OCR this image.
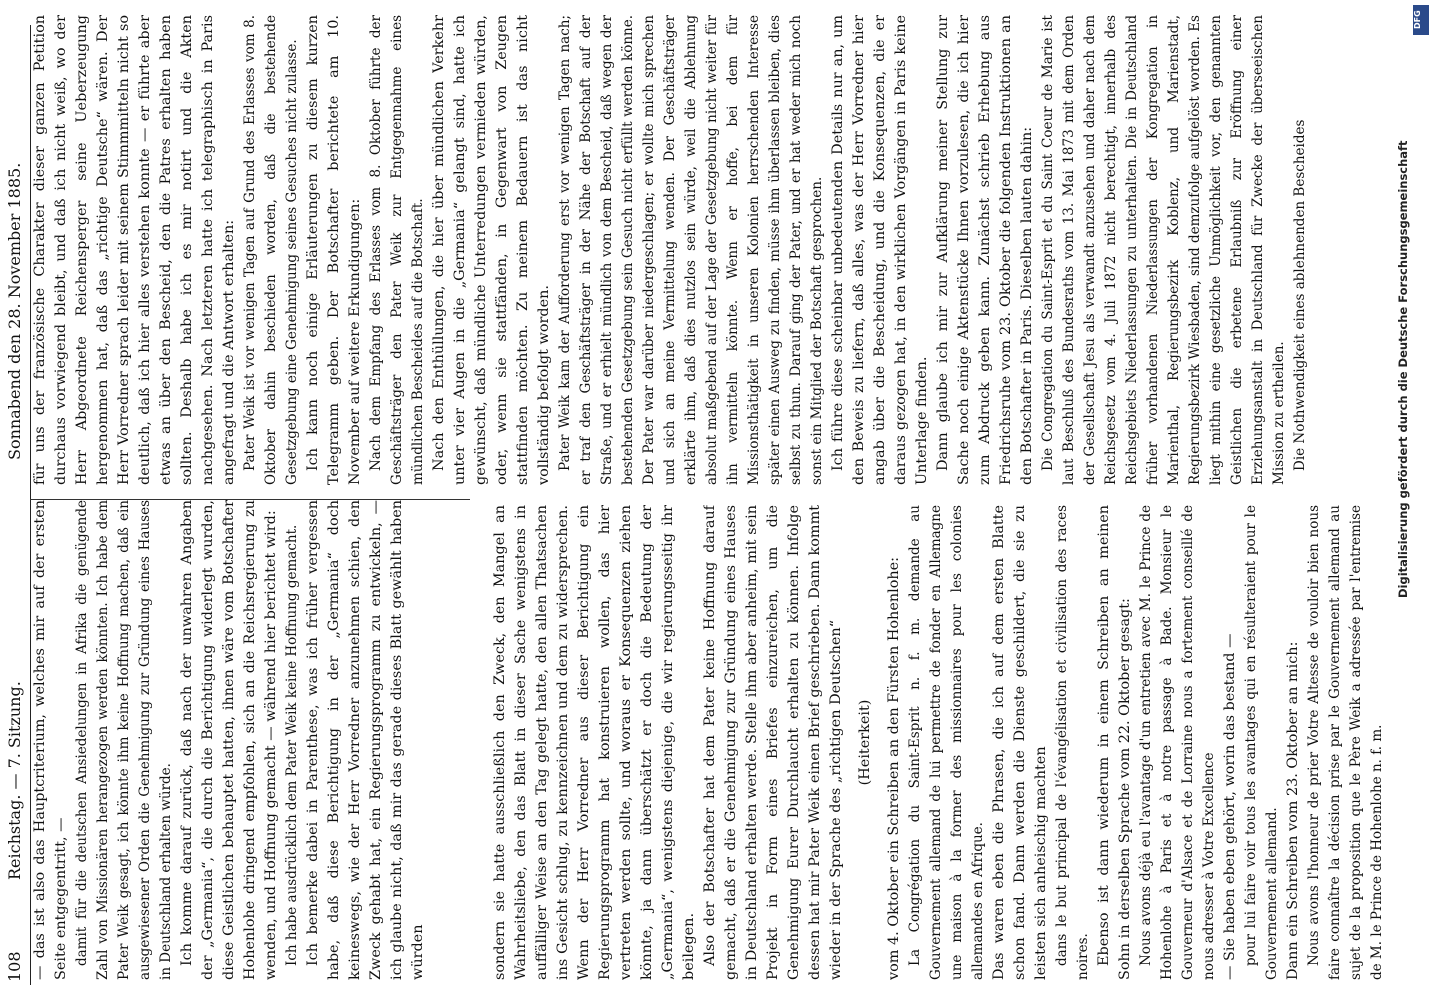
108
Reichstag. — 7. Sitzung.
Sonnabend den 28. November 1885.

— das ist also das Hauptcriterium, welches mir auf der ersten Seite entgegentritt, — damit für die deutschen Ansiedelungen in Afrika die genügende Zahl von Missionären herangezogen werden könnten. Ich habe dem Pater Weik gesagt, ich könnte ihm keine Hoffnung machen, daß ein ausgewiesener Orden die Genehmigung zur Gründung eines Hauses in Deutschland erhalten würde. Ich komme darauf zurück, daß nach der unwahren Angaben der „Germania“, die durch die Berichtigung widerlegt wurden, diese Geistlichen behauptet hatten, ihnen wäre vom Botschafter Hohenlohe dringend empfohlen, sich an die Reichsregierung zu wenden, und Hoffnung gemacht — während hier berichtet wird: Ich habe ausdrücklich dem Pater Weik keine Hoffnung gemacht. Ich bemerke dabei in Parenthese, was ich früher vergessen habe, daß diese Berichtigung in der „Germania“ doch keineswegs, wie der Herr Vorredner anzunehmen schien, den Zweck gehabt hat, ein Regierungsprogramm zu entwickeln, — ich glaube nicht, daß mir das gerade dieses Blatt gewählt haben würden	sondern sie hatte ausschließlich den Zweck, den Mangel an Wahrheitsliebe, den das Blatt in dieser Sache wenigstens in auffälliger Weise an den Tag gelegt hatte, den allen Thatsachen ins Gesicht schlug, zu kennzeichnen und dem zu widersprechen. Wenn der Herr Vorredner aus dieser Berichtigung ein Regierungsprogramm hat konstruieren wollen, das hier vertreten werden sollte, und woraus er Konsequenzen ziehen könnte, ja dann überschätzt er doch die Bedeutung der „Germania“, wenigstens diejenige, die wir regierungsseitig ihr beilegen. Also der Botschafter hat dem Pater keine Hoffnung darauf gemacht, daß er die Genehmigung zur Gründung eines Hauses in Deutschland erhalten werde. Stelle ihm aber anheim, mit sein Projekt in Form eines Briefes einzureichen, um die Genehmigung Eurer Durchlaucht erhalten zu können. Infolge dessen hat mir Pater Weik einen Brief geschrieben. Dann kommt wieder in der Sprache des „richtigen Deutschen“ (Heiterkeit) vom 4. Oktober ein Schreiben an den Fürsten Hohenlohe: La Congrégation du Saint-Esprit n. f. m. demande au Gouvernement allemand de lui permettre de fonder en Allemagne une maison à la former des missionnaires pour les colonies allemandes en Afrique. Das waren eben die Phrasen, die ich auf dem ersten Blatte schon fand. Dann werden die Dienste geschildert, die sie zu leisten sich anheischig machten dans le but principal de l'évangélisation et civilisation des races noires. Ebenso ist dann wiederum in einem Schreiben an meinen Sohn in derselben Sprache vom 22. Oktober gesagt: Nous avons déjà eu l'avantage d'un entretien avec M. le Prince de Hohenlohe à Paris et à notre passage à Bade. Monsieur le Gouverneur d'Alsace et de Lorraine nous a fortement conseillé de nous adresser à Votre Excellence — Sie haben eben gehört, worin das bestand — pour lui faire voir tous les avantages qui en résulteraient pour le Gouvernement allemand. Dann ein Schreiben vom 23. Oktober an mich: Nous avons l'honneur de prier Votre Altesse de vouloir bien nous faire connaître la décision prise par le Gouvernement allemand au sujet de la proposition que le Père Weik a adressée par l'entremise de M. le Prince de Hohenlohe n. f. m.

für uns der französische Charakter dieser ganzen Petition durchaus vorwiegend bleibt, und daß ich nicht weiß, wo der Herr Abgeordnete Reichensperger seine Ueberzeugung hergenommen hat, daß das „richtige Deutsche“ wären. Der Herr Vorredner sprach leider mit seinem Stimmmitteln nicht so deutlich, daß ich hier alles verstehen konnte — er führte aber etwas an über den Bescheid, den die Patres erhalten haben sollten. Deshalb habe ich es mir notirt und die Akten nachgesehen. Nach letzteren hatte ich telegraphisch in Paris angefragt und die Antwort erhalten: Pater Weik ist vor wenigen Tagen auf Grund des Erlasses vom 8. Oktober dahin beschieden worden, daß die bestehende Gesetzgebung eine Genehmigung seines Gesuches nicht zulasse. Ich kann noch einige Erläuterungen zu diesem kurzen Telegramm geben. Der Botschafter berichtete am 10. November auf weitere Erkundigungen: Nach dem Empfang des Erlasses vom 8. Oktober führte der Geschäftsträger den Pater Weik zur Entgegennahme eines mündlichen Bescheides auf die Botschaft. Nach den Enthüllungen, die hier über mündlichen Verkehr unter vier Augen in die „Germania“ gelangt sind, hatte ich gewünscht, daß mündliche Unterredungen vermieden würden, oder, wenn sie stattfänden, in Gegenwart von Zeugen stattfinden möchten. Zu meinem Bedauern ist das nicht vollständig befolgt worden. Pater Weik kam der Aufforderung erst vor wenigen Tagen nach; er traf den Geschäftsträger in der Nähe der Botschaft auf der Straße, und er erhielt mündlich von dem Bescheid, daß wegen der bestehenden Gesetzgebung sein Gesuch nicht erfüllt werden könne. Der Pater war darüber niedergeschlagen; er wollte mich sprechen und sich an meine Vermittelung wenden. Der Geschäftsträger erklärte ihm, daß dies nutzlos sein würde, weil die Ablehnung absolut maßgebend auf der Lage der Gesetzgebung nicht weiter für ihn vermitteln könnte. Wenn er hoffe, bei dem für Missionsthätigkeit in unseren Kolonien herrschenden Interesse später einen Ausweg zu finden, müsse ihm überlassen bleiben, dies selbst zu thun. Darauf ging der Pater, und er hat weder mich noch sonst ein Mitglied der Botschaft gesprochen. Ich führe diese scheinbar unbedeutenden Details nur an, um den Beweis zu liefern, daß alles, was der Herr Vorredner hier angab über die Bescheidung, und die Konsequenzen, die er daraus gezogen hat, in den wirklichen Vorgängen in Paris keine Unterlage finden. Dann glaube ich mir zur Aufklärung meiner Stellung zur Sache noch einige Aktenstücke Ihnen vorzulesen, die ich hier zum Abdruck geben kann. Zunächst schrieb Erhebung aus Friedrichsruhe vom 23. Oktober die folgenden Instruktionen an den Botschafter in Paris. Dieselben lauten dahin: Die Congregation du Saint-Esprit et du Saint Coeur de Marie ist laut Beschluß des Bundesraths vom 13. Mai 1873 mit dem Orden der Gesellschaft Jesu als verwandt anzusehen und daher nach dem Reichsgesetz vom 4. Juli 1872 nicht berechtigt, innerhalb des Reichsgebiets Niederlassungen zu unterhalten. Die in Deutschland früher vorhandenen Niederlassungen der Kongregation in Marienthal, Regierungsbezirk Koblenz, und Marienstadt, Regierungsbezirk Wiesbaden, sind demzufolge aufgelöst worden. Es liegt mithin eine gesetzliche Unmöglichkeit vor, den genannten Geistlichen die erbetene Erlaubniß zur Eröffnung einer Erziehungsanstalt in Deutschland für Zwecke der überseeischen Mission zu ertheilen. Die Nothwendigkeit eines ablehnenden Bescheides	Digitalisierung gefördert durch die Deutsche Forschungsgemeinschaft
DFG
